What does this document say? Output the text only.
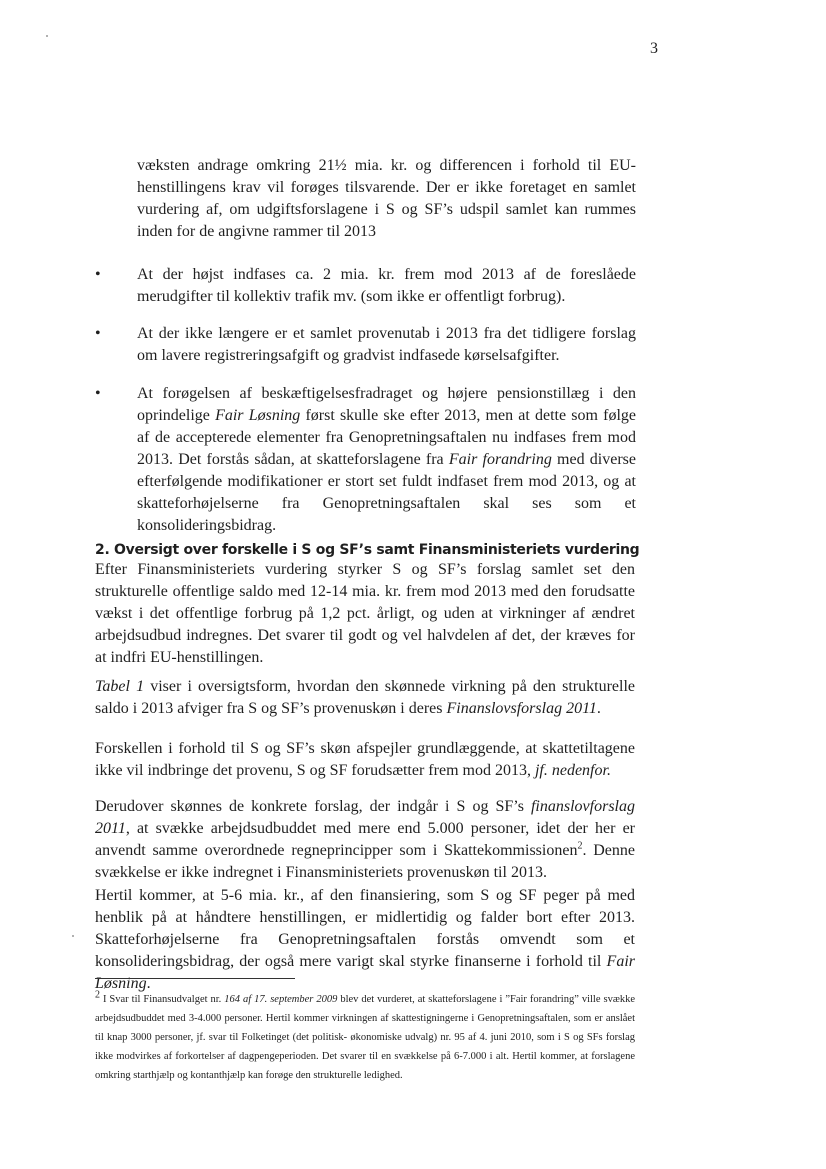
3

væksten andrage omkring 21½ mia. kr. og differencen i forhold til EU-henstillingens krav vil forøges tilsvarende. Der er ikke foretaget en samlet vurdering af, om udgiftsforslagene i S og SF’s udspil samlet kan rummes inden for de angivne rammer til 2013

•	At der højst indfases ca. 2 mia. kr. frem mod 2013 af de foreslåede merudgifter til kollektiv trafik mv. (som ikke er offentligt forbrug).

•	At der ikke længere er et samlet provenutab i 2013 fra det tidligere forslag om lavere registreringsafgift og gradvist indfasede kørselsafgifter.

•	At forøgelsen af beskæftigelsesfradraget og højere pensionstillæg i den oprindelige Fair Løsning først skulle ske efter 2013, men at dette som følge af de accepterede elementer fra Genopretningsaftalen nu indfases frem mod 2013. Det forstås sådan, at skatteforslagene fra Fair forandring med diverse efterfølgende modifikationer er stort set fuldt indfaset frem mod 2013, og at skatteforhøjelserne fra Genopretningsaftalen skal ses som et konsolideringsbidrag.

2. Oversigt over forskelle i S og SF’s samt Finansministeriets vurdering

Efter Finansministeriets vurdering styrker S og SF’s forslag samlet set den strukturelle offentlige saldo med 12-14 mia. kr. frem mod 2013 med den forudsatte vækst i det offentlige forbrug på 1,2 pct. årligt, og uden at virkninger af ændret arbejdsudbud indregnes. Det svarer til godt og vel halvdelen af det, der kræves for at indfri EU-henstillingen.

Tabel 1 viser i oversigtsform, hvordan den skønnede virkning på den strukturelle saldo i 2013 afviger fra S og SF’s provenuskøn i deres Finanslovsforslag 2011.

Forskellen i forhold til S og SF’s skøn afspejler grundlæggende, at skattetiltagene ikke vil indbringe det provenu, S og SF forudsætter frem mod 2013, jf. nedenfor.

Derudover skønnes de konkrete forslag, der indgår i S og SF’s finanslovforslag 2011, at svække arbejdsudbuddet med mere end 5.000 personer, idet der her er anvendt samme overordnede regneprincipper som i Skattekommissionen$^2$. Denne svækkelse er ikke indregnet i Finansministeriets provenuskøn til 2013.

Hertil kommer, at 5-6 mia. kr., af den finansiering, som S og SF peger på med henblik på at håndtere henstillingen, er midlertidig og falder bort efter 2013. Skatteforhøjelserne fra Genopretningsaftalen forstås omvendt som et konsolideringsbidrag, der også mere varigt skal styrke finanserne i forhold til Fair Løsning.

$^2$ I Svar til Finansudvalget nr. 164 af 17. september 2009 blev det vurderet, at skatteforslagene i ”Fair forandring” ville svække arbejdsudbuddet med 3-4.000 personer. Hertil kommer virkningen af skattestigningerne i Genopretningsaftalen, som er anslået til knap 3000 personer, jf. svar til Folketinget (det politisk- økonomiske udvalg) nr. 95 af 4. juni 2010, som i S og SFs forslag ikke modvirkes af forkortelser af dagpengeperioden. Det svarer til en svækkelse på 6-7.000 i alt. Hertil kommer, at forslagene omkring starthjælp og kontanthjælp kan forøge den strukturelle ledighed.
